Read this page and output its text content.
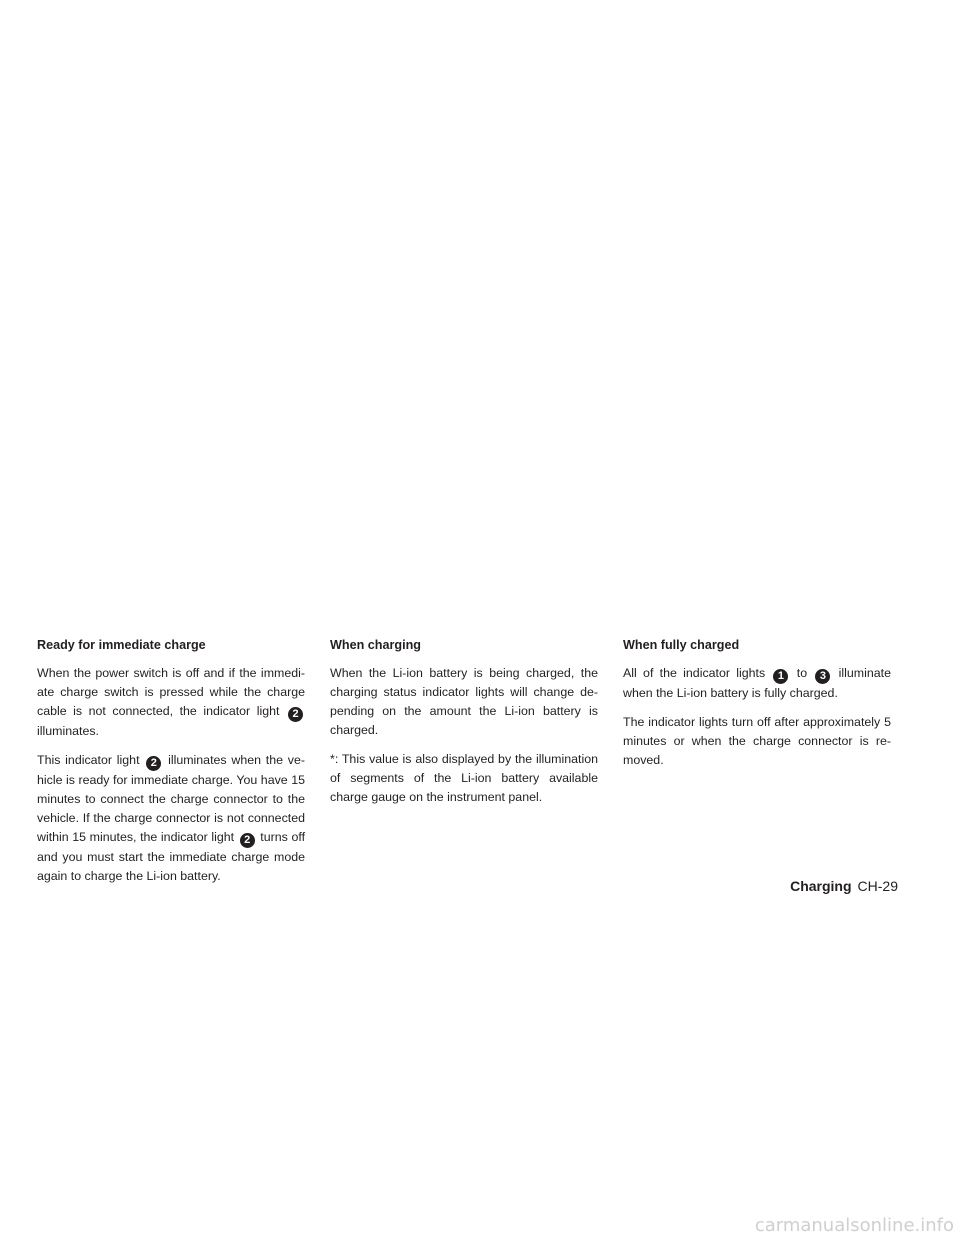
Ready for immediate charge

When the power switch is off and if the immedi-ate charge switch is pressed while the charge cable is not connected, the indicator light 2 illuminates.

This indicator light 2 illuminates when the ve-hicle is ready for immediate charge. You have 15 minutes to connect the charge connector to the vehicle. If the charge connector is not connected within 15 minutes, the indicator light 2 turns off and you must start the immediate charge mode again to charge the Li-ion battery.

When charging

When the Li-ion battery is being charged, the charging status indicator lights will change de-pending on the amount the Li-ion battery is charged.

*: This value is also displayed by the illumination of segments of the Li-ion battery available charge gauge on the instrument panel.

When fully charged

All of the indicator lights 1 to 3 illuminate when the Li-ion battery is fully charged.

The indicator lights turn off after approximately 5 minutes or when the charge connector is re-moved.

Charging CH-29
carmanualsonline.info
